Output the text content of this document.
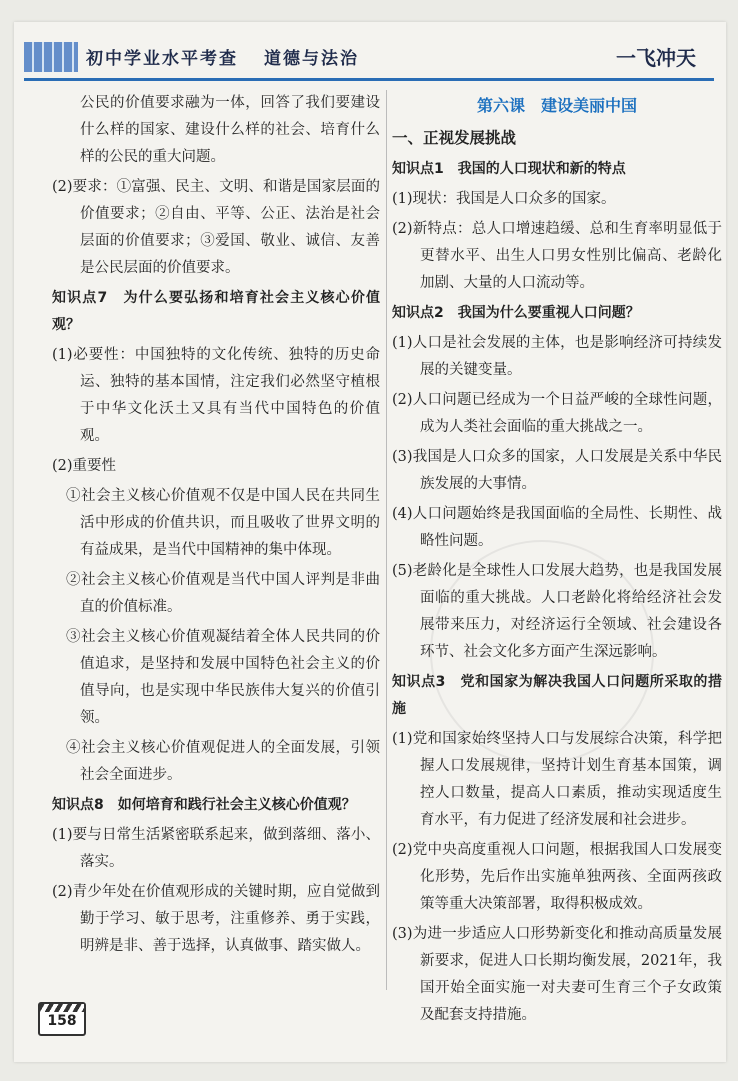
初中学业水平考查 道德与法治	一飞冲天

公民的价值要求融为一体，回答了我们要建设什么样的国家、建设什么样的社会、培育什么样的公民的重大问题。

(2)要求：①富强、民主、文明、和谐是国家层面的价值要求；②自由、平等、公正、法治是社会层面的价值要求；③爱国、敬业、诚信、友善是公民层面的价值要求。

知识点7　为什么要弘扬和培育社会主义核心价值观？

(1)必要性：中国独特的文化传统、独特的历史命运、独特的基本国情，注定我们必然坚守植根于中华文化沃土又具有当代中国特色的价值观。

(2)重要性

①社会主义核心价值观不仅是中国人民在共同生活中形成的价值共识，而且吸收了世界文明的有益成果，是当代中国精神的集中体现。

②社会主义核心价值观是当代中国人评判是非曲直的价值标准。

③社会主义核心价值观凝结着全体人民共同的价值追求，是坚持和发展中国特色社会主义的价值导向，也是实现中华民族伟大复兴的价值引领。

④社会主义核心价值观促进人的全面发展，引领社会全面进步。

知识点8　如何培育和践行社会主义核心价值观？

(1)要与日常生活紧密联系起来，做到落细、落小、落实。

(2)青少年处在价值观形成的关键时期，应自觉做到勤于学习、敏于思考，注重修养、勇于实践，明辨是非、善于选择，认真做事、踏实做人。

第六课　建设美丽中国

一、正视发展挑战

知识点1　我国的人口现状和新的特点

(1)现状：我国是人口众多的国家。

(2)新特点：总人口增速趋缓、总和生育率明显低于更替水平、出生人口男女性别比偏高、老龄化加剧、大量的人口流动等。

知识点2　我国为什么要重视人口问题？

(1)人口是社会发展的主体，也是影响经济可持续发展的关键变量。

(2)人口问题已经成为一个日益严峻的全球性问题，成为人类社会面临的重大挑战之一。

(3)我国是人口众多的国家，人口发展是关系中华民族发展的大事情。

(4)人口问题始终是我国面临的全局性、长期性、战略性问题。

(5)老龄化是全球性人口发展大趋势，也是我国发展面临的重大挑战。人口老龄化将给经济社会发展带来压力，对经济运行全领域、社会建设各环节、社会文化多方面产生深远影响。

知识点3　党和国家为解决我国人口问题所采取的措施

(1)党和国家始终坚持人口与发展综合决策，科学把握人口发展规律，坚持计划生育基本国策，调控人口数量，提高人口素质，推动实现适度生育水平，有力促进了经济发展和社会进步。

(2)党中央高度重视人口问题，根据我国人口发展变化形势，先后作出实施单独两孩、全面两孩政策等重大决策部署，取得积极成效。

(3)为进一步适应人口形势新变化和推动高质量发展新要求，促进人口长期均衡发展，2021年，我国开始全面实施一对夫妻可生育三个子女政策及配套支持措施。

158
